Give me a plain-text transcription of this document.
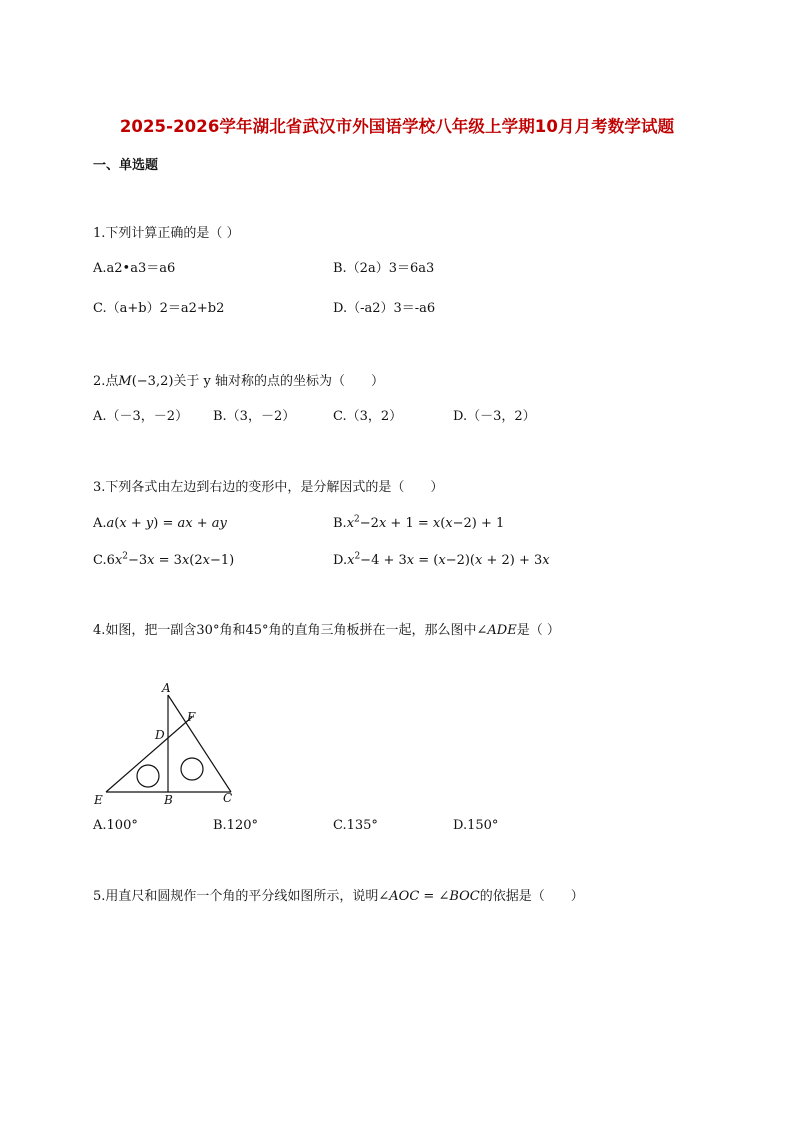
2025-2026学年湖北省武汉市外国语学校八年级上学期10月月考数学试题
一、单选题
1.下列计算正确的是（ ）
A.a2•a3＝a6	B.（2a）3＝6a3
C.（a+b）2＝a2+b2	D.（-a2）3＝-a6
2.点M(−3,2)关于 y 轴对称的点的坐标为（　　）
A.（－3，－2） B.（3，－2）	C.（3，2）	D.（－3，2）
3.下列各式由左边到右边的变形中，是分解因式的是（　　）
A.a(x + y) = ax + ay	$B.x^2-2x + 1 = x(x-2) + 1$
$C.6x^2-3x = 3x(2x-1)$	$D.x^2-4 + 3x = (x-2)(x + 2) + 3x$
4.如图，把一副含30°角和45°角的直角三角板拼在一起，那么图中∠ADE是（ ）
A
F
D
E	B	C
A.100°	B.120°	C.135°	D.150°
5.用直尺和圆规作一个角的平分线如图所示，说明∠AOC = ∠BOC的依据是（　　）
